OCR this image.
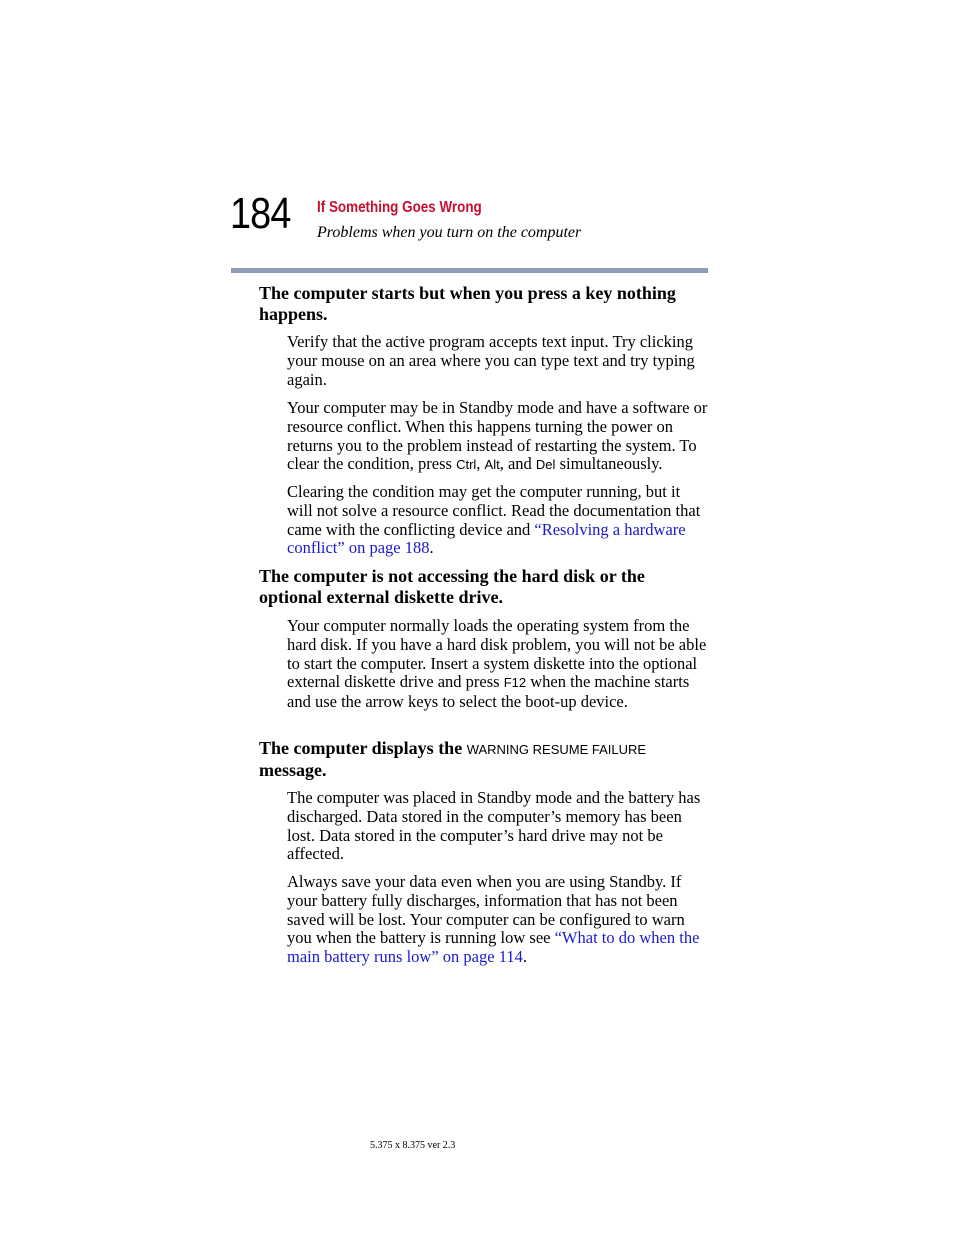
184 If Something Goes Wrong
Problems when you turn on the computer
The computer starts but when you press a key nothing happens.

Verify that the active program accepts text input. Try clicking your mouse on an area where you can type text and try typing again.

Your computer may be in Standby mode and have a software or resource conflict. When this happens turning the power on returns you to the problem instead of restarting the system. To clear the condition, press Ctrl, Alt, and Del simultaneously.

Clearing the condition may get the computer running, but it will not solve a resource conflict. Read the documentation that came with the conflicting device and “Resolving a hardware conflict” on page 188.

The computer is not accessing the hard disk or the optional external diskette drive.

Your computer normally loads the operating system from the hard disk. If you have a hard disk problem, you will not be able to start the computer. Insert a system diskette into the optional external diskette drive and press F12 when the machine starts and use the arrow keys to select the boot-up device.

The computer displays the WARNING RESUME FAILURE
message.

The computer was placed in Standby mode and the battery has discharged. Data stored in the computer’s memory has been lost. Data stored in the computer’s hard drive may not be affected.

Always save your data even when you are using Standby. If your battery fully discharges, information that has not been saved will be lost. Your computer can be configured to warn you when the battery is running low see “What to do when the main battery runs low” on page 114.

5.375 x 8.375 ver 2.3
